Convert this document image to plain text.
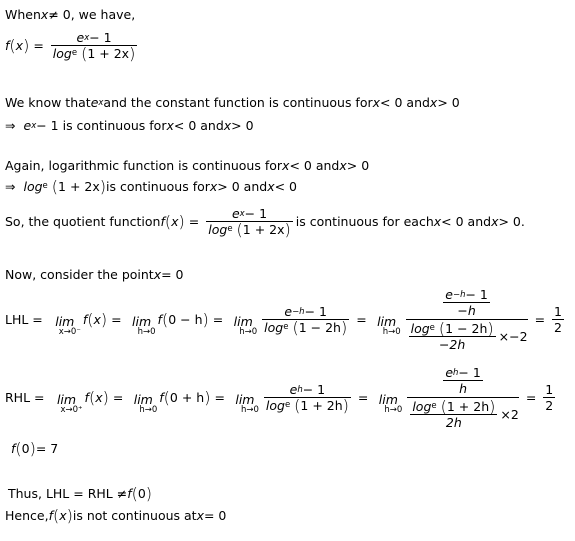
When x ≠ 0, we have,
f ( x ) = $\frac{\text{e x − 1}}{\text{log e ( 1 + 2x )}}$
We know that e x and the constant function is continuous for x < 0 and x > 0
⇒ e x − 1 is continuous for x < 0 and x > 0
Again, logarithmic function is continuous for x < 0 and x > 0
⇒ log e ( 1 + 2x ) is continuous for x > 0 and x < 0
So, the quotient function f ( x ) = $\frac{\text{e x − 1}}{\text{log e ( 1 + 2x )}}$ is continuous for each x < 0 and x > 0.
Now, consider the point x = 0
LHL = lim
x→0⁻
f ( x ) = lim
h→0
f ( 0 − h ) = lim
$h\to 0 \frac{e -h - 1}{\text{log e ( 1 − 2h )}} = \lim$
h→0
$\frac{e -h - 1}{-h}$
$\frac{\text{log e ( 1 − 2h )}}{-2h} \times-2$
= $\frac{1}{2}$
RHL = lim
x→0⁺
f ( x ) = lim
h→0
f ( 0 + h ) = lim
$h\to 0 \frac{\text{e h − 1}}{\text{log e ( 1 + 2h )}} = \lim$
h→0
$\frac{\text{e h − 1}}{h}$
$\frac{\text{log e ( 1 + 2h )}}{2h} \times 2$
= $\frac{1}{2}$
f ( 0 ) = 7
Thus, LHL = RHL ≠ f ( 0 )
Hence, f ( x ) is not continuous at x = 0
